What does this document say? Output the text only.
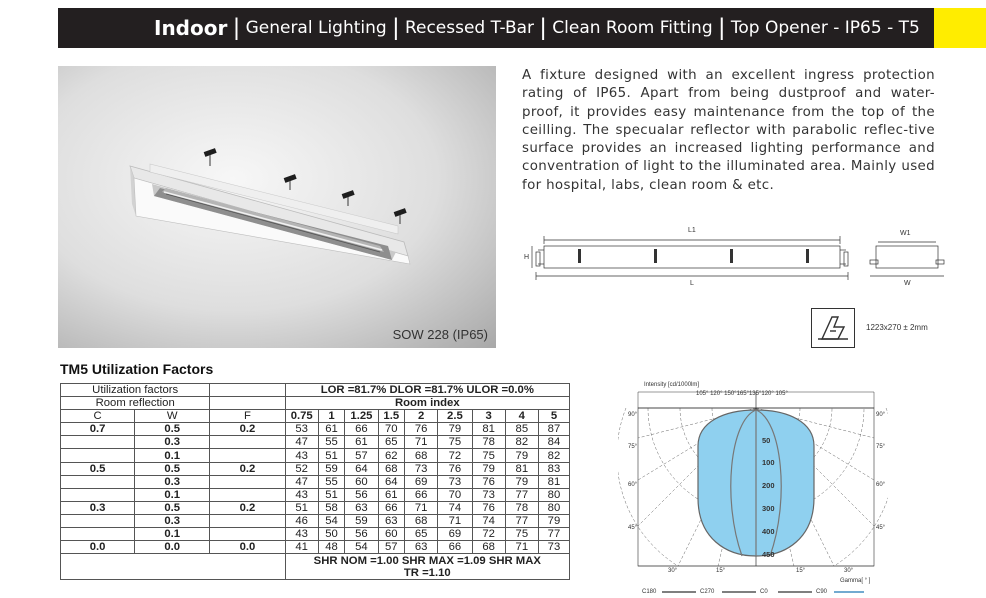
Indoor | General Lighting | Recessed T-Bar | Clean Room Fitting | Top Opener - IP65 - T5
SOW 228 (IP65)

A fixture designed with an excellent ingress protection rating of IP65. Apart from being dustproof and water-proof, it provides easy maintenance from the top of the ceilling. The specualar reflector with parabolic reflec-tive surface provides an increased lighting performance and conventration of light to the illuminated area. Mainly used for hospital, labs, clean room & etc.

L1
H
L
W1
W
1223x270 ± 2mm
TM5 Utilization Factors
Utilization factors			LOR =81.7% DLOR =81.7% ULOR =0.0%								
Room reflection			Room index								
C	W	F	0.75	1	1.25	1.5	2	2.5	3	4	5
0.7	0.5	0.2	53	61	66	70	76	79	81	85	87
	0.3		47	55	61	65	71	75	78	82	84
	0.1		43	51	57	62	68	72	75	79	82
0.5	0.5	0.2	52	59	64	68	73	76	79	81	83
	0.3		47	55	60	64	69	73	76	79	81
	0.1		43	51	56	61	66	70	73	77	80
0.3	0.5	0.2	51	58	63	66	71	74	76	78	80
	0.3		46	54	59	63	68	71	74	77	79
	0.1		43	50	56	60	65	69	72	75	77
0.0	0.0	0.0	41	48	54	57	63	66	68	71	73
			SHR NOM =1.00 SHR MAX =1.09 SHR MAX								
			TR =1.10								
Intensity [cd/1000lm]
105° 120° 150°165°135°120° 105°
90°
75°
60°
45°
90°
75°
60°
45°
50
100
200
300
400
450
30°	15°	15°	30°
Gamma[ ° ]
C180	C270	C0	C90
